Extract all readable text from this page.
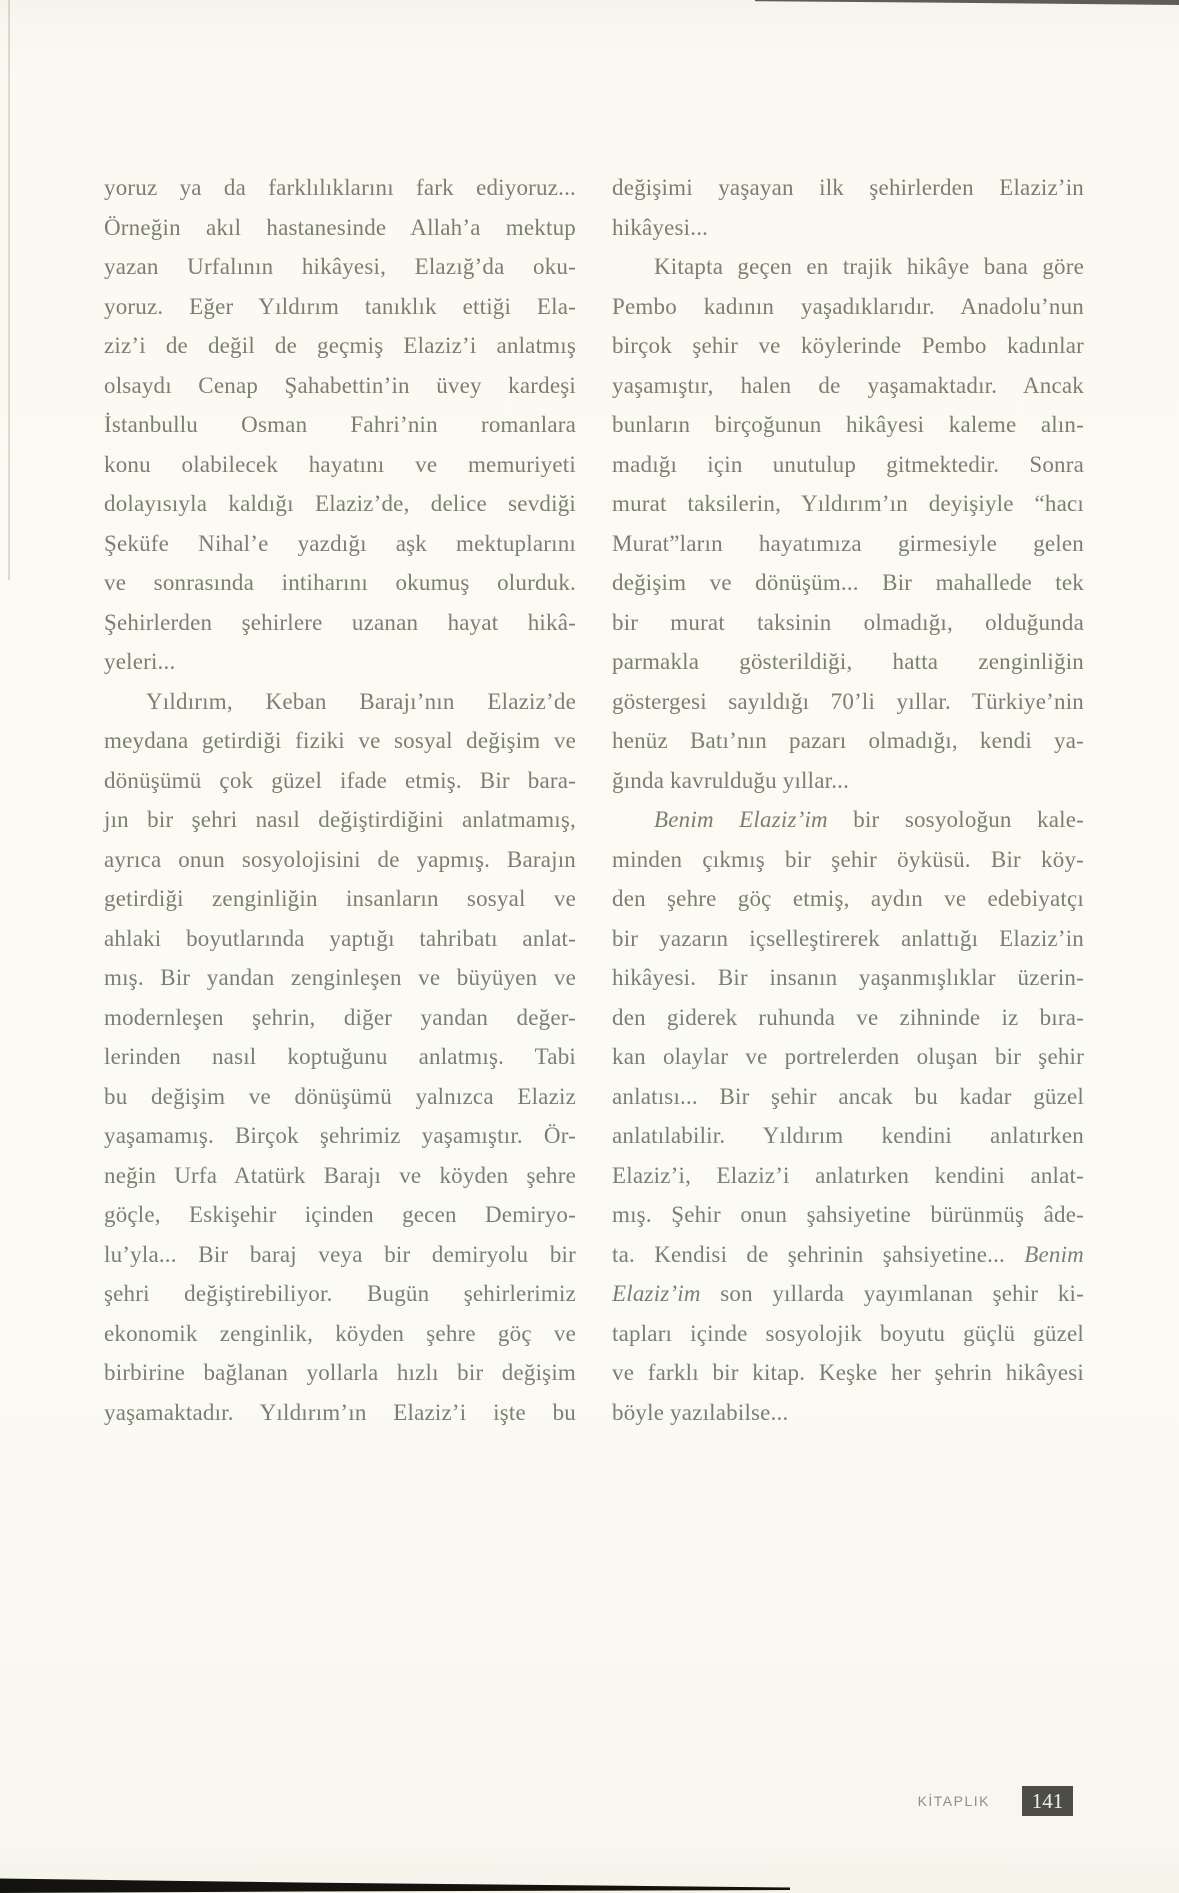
yoruz ya da farklılıklarını fark ediyoruz...
Örneğin akıl hastanesinde Allah’a mektup
yazan Urfalının hikâyesi, Elazığ’da oku-
yoruz. Eğer Yıldırım tanıklık ettiği Ela-
ziz’i de değil de geçmiş Elaziz’i anlatmış
olsaydı Cenap Şahabettin’in üvey kardeşi
İstanbullu Osman Fahri’nin romanlara
konu olabilecek hayatını ve memuriyeti
dolayısıyla kaldığı Elaziz’de, delice sevdiği
Şeküfe Nihal’e yazdığı aşk mektuplarını
ve sonrasında intiharını okumuş olurduk.
Şehirlerden şehirlere uzanan hayat hikâ-
yeleri...
Yıldırım, Keban Barajı’nın Elaziz’de
meydana getirdiği fiziki ve sosyal değişim ve
dönüşümü çok güzel ifade etmiş. Bir bara-
jın bir şehri nasıl değiştirdiğini anlatmamış,
ayrıca onun sosyolojisini de yapmış. Barajın
getirdiği zenginliğin insanların sosyal ve
ahlaki boyutlarında yaptığı tahribatı anlat-
mış. Bir yandan zenginleşen ve büyüyen ve
modernleşen şehrin, diğer yandan değer-
lerinden nasıl koptuğunu anlatmış. Tabi
bu değişim ve dönüşümü yalnızca Elaziz
yaşamamış. Birçok şehrimiz yaşamıştır. Ör-
neğin Urfa Atatürk Barajı ve köyden şehre
göçle, Eskişehir içinden gecen Demiryo-
lu’yla... Bir baraj veya bir demiryolu bir
şehri değiştirebiliyor. Bugün şehirlerimiz
ekonomik zenginlik, köyden şehre göç ve
birbirine bağlanan yollarla hızlı bir değişim
yaşamaktadır. Yıldırım’ın Elaziz’i işte bu
değişimi yaşayan ilk şehirlerden Elaziz’in
hikâyesi...
Kitapta geçen en trajik hikâye bana göre
Pembo kadının yaşadıklarıdır. Anadolu’nun
birçok şehir ve köylerinde Pembo kadınlar
yaşamıştır, halen de yaşamaktadır. Ancak
bunların birçoğunun hikâyesi kaleme alın-
madığı için unutulup gitmektedir. Sonra
murat taksilerin, Yıldırım’ın deyişiyle “hacı
Murat”ların hayatımıza girmesiyle gelen
değişim ve dönüşüm... Bir mahallede tek
bir murat taksinin olmadığı, olduğunda
parmakla gösterildiği, hatta zenginliğin
göstergesi sayıldığı 70’li yıllar. Türkiye’nin
henüz Batı’nın pazarı olmadığı, kendi ya-
ğında kavrulduğu yıllar...
Benim Elaziz’im bir sosyoloğun kale-
minden çıkmış bir şehir öyküsü. Bir köy-
den şehre göç etmiş, aydın ve edebiyatçı
bir yazarın içselleştirerek anlattığı Elaziz’in
hikâyesi. Bir insanın yaşanmışlıklar üzerin-
den giderek ruhunda ve zihninde iz bıra-
kan olaylar ve portrelerden oluşan bir şehir
anlatısı... Bir şehir ancak bu kadar güzel
anlatılabilir. Yıldırım kendini anlatırken
Elaziz’i, Elaziz’i anlatırken kendini anlat-
mış. Şehir onun şahsiyetine bürünmüş âde-
ta. Kendisi de şehrinin şahsiyetine... Benim
Elaziz’im son yıllarda yayımlanan şehir ki-
tapları içinde sosyolojik boyutu güçlü güzel
ve farklı bir kitap. Keşke her şehrin hikâyesi
böyle yazılabilse...
KİTAPLIK	141
